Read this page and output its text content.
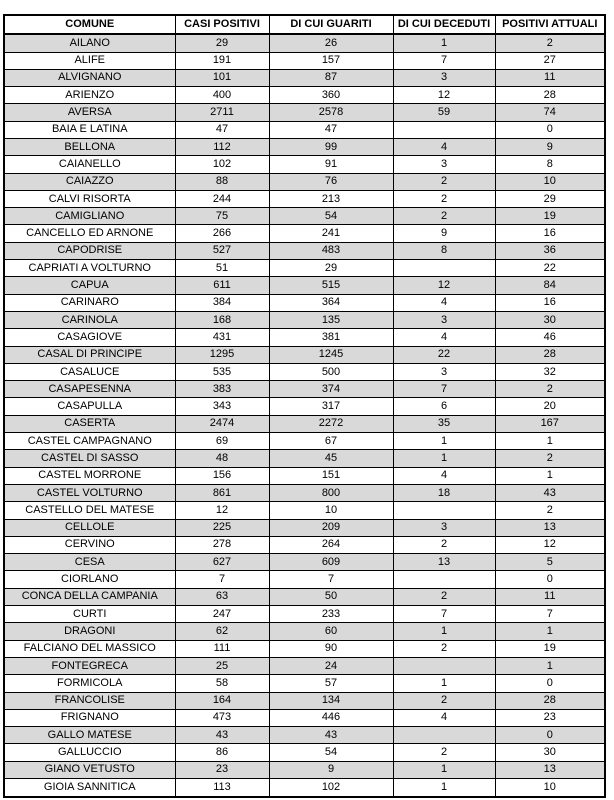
COMUNE	CASI POSITIVI	DI CUI GUARITI	DI CUI DECEDUTI	POSITIVI ATTUALI
AILANO	29	26	1	2
ALIFE	191	157	7	27
ALVIGNANO	101	87	3	11
ARIENZO	400	360	12	28
AVERSA	2711	2578	59	74
BAIA E LATINA	47	47		0
BELLONA	112	99	4	9
CAIANELLO	102	91	3	8
CAIAZZO	88	76	2	10
CALVI RISORTA	244	213	2	29
CAMIGLIANO	75	54	2	19
CANCELLO ED ARNONE	266	241	9	16
CAPODRISE	527	483	8	36
CAPRIATI A VOLTURNO	51	29		22
CAPUA	611	515	12	84
CARINARO	384	364	4	16
CARINOLA	168	135	3	30
CASAGIOVE	431	381	4	46
CASAL DI PRINCIPE	1295	1245	22	28
CASALUCE	535	500	3	32
CASAPESENNA	383	374	7	2
CASAPULLA	343	317	6	20
CASERTA	2474	2272	35	167
CASTEL CAMPAGNANO	69	67	1	1
CASTEL DI SASSO	48	45	1	2
CASTEL MORRONE	156	151	4	1
CASTEL VOLTURNO	861	800	18	43
CASTELLO DEL MATESE	12	10		2
CELLOLE	225	209	3	13
CERVINO	278	264	2	12
CESA	627	609	13	5
CIORLANO	7	7		0
CONCA DELLA CAMPANIA	63	50	2	11
CURTI	247	233	7	7
DRAGONI	62	60	1	1
FALCIANO DEL MASSICO	111	90	2	19
FONTEGRECA	25	24		1
FORMICOLA	58	57	1	0
FRANCOLISE	164	134	2	28
FRIGNANO	473	446	4	23
GALLO MATESE	43	43		0
GALLUCCIO	86	54	2	30
GIANO VETUSTO	23	9	1	13
GIOIA SANNITICA	113	102	1	10
